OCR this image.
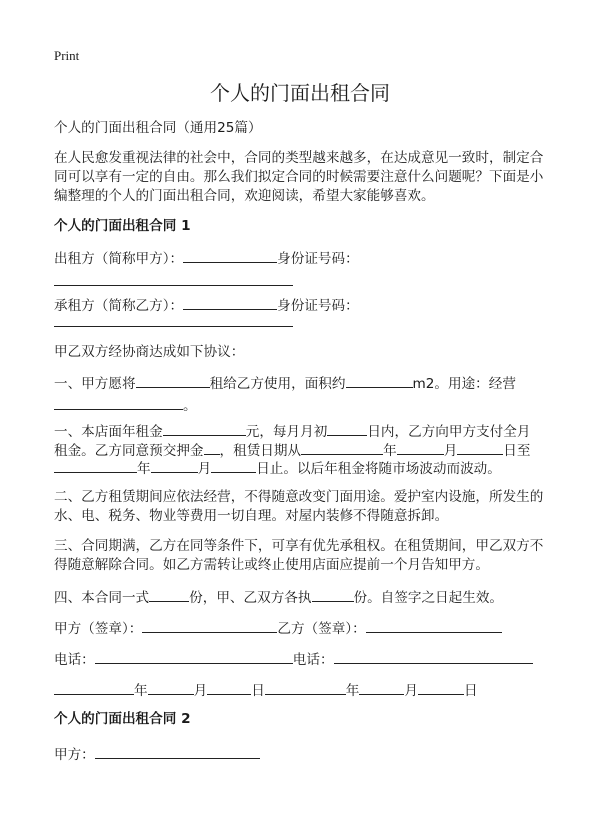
Print
个人的门面出租合同
个人的门面出租合同（通用25篇）
在人民愈发重视法律的社会中，合同的类型越来越多，在达成意见一致时，制定合
同可以享有一定的自由。那么我们拟定合同的时候需要注意什么问题呢？下面是小
编整理的个人的门面出租合同，欢迎阅读，希望大家能够喜欢。
个人的门面出租合同 1
出租方（简称甲方）：	身份证号码：
承租方（简称乙方）：	身份证号码：
甲乙双方经协商达成如下协议：
一、甲方愿将	租给乙方使用，面积约	m2。用途：经营
。
一、本店面年租金	元，每月月初	日内，乙方向甲方支付全月
租金。乙方同意预交押金 ，租赁日期从	年	月	日至
年	月	日止。以后年租金将随市场波动而波动。
二、乙方租赁期间应依法经营，不得随意改变门面用途。爱护室内设施，所发生的
水、电、税务、物业等费用一切自理。对屋内装修不得随意拆卸。
三、合同期满，乙方在同等条件下，可享有优先承租权。在租赁期间，甲乙双方不
得随意解除合同。如乙方需转让或终止使用店面应提前一个月告知甲方。
四、本合同一式	份，甲、乙双方各执	份。自签字之日起生效。
甲方（签章）：	乙方（签章）：
电话：	电话：
年	月	日	年	月	日
个人的门面出租合同 2
甲方：
